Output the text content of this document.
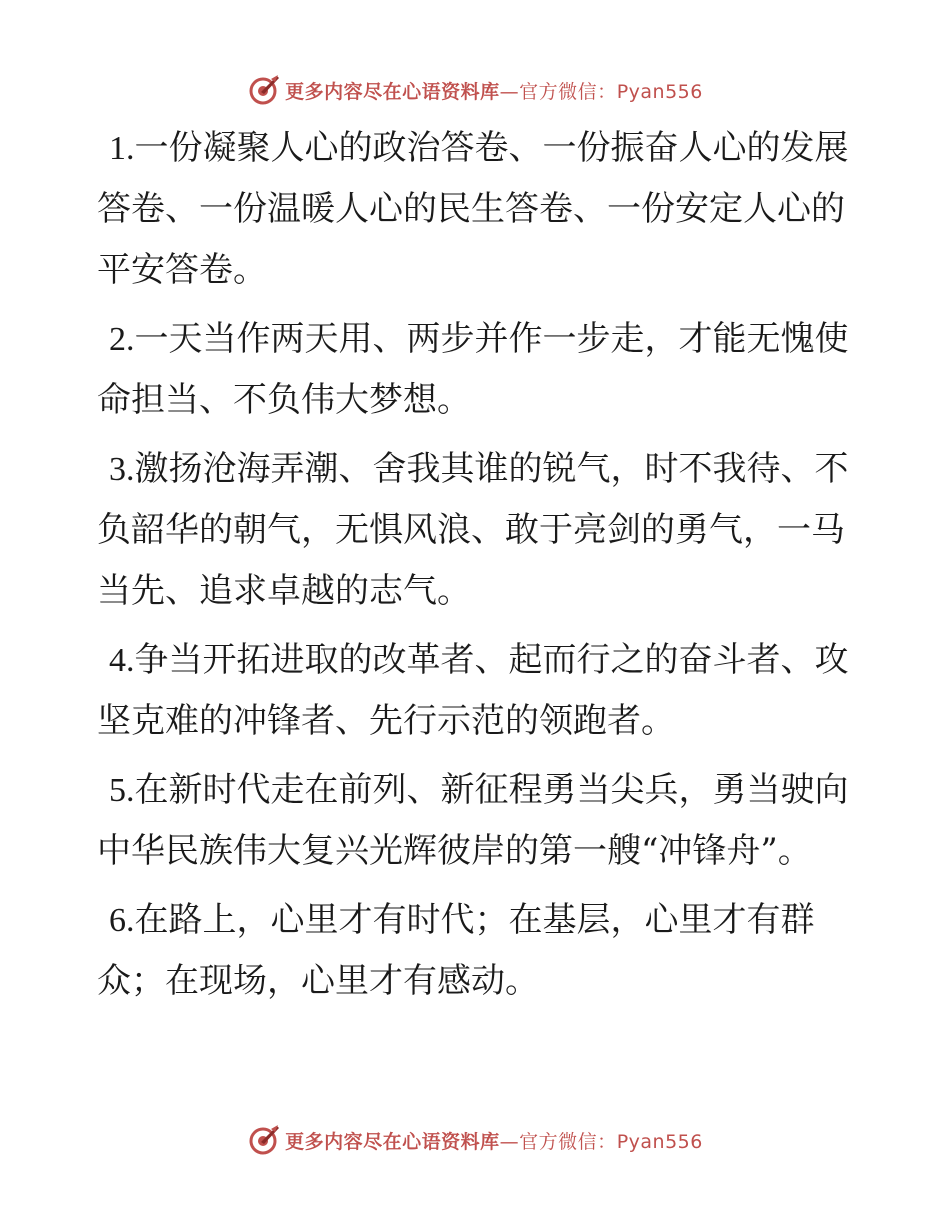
更多内容尽在心语资料库—官方微信：Pyan556

1.一份凝聚人心的政治答卷、一份振奋人心的发展答卷、一份温暖人心的民生答卷、一份安定人心的平安答卷。

2.一天当作两天用、两步并作一步走，才能无愧使命担当、不负伟大梦想。

3.激扬沧海弄潮、舍我其谁的锐气，时不我待、不负韶华的朝气，无惧风浪、敢于亮剑的勇气，一马当先、追求卓越的志气。

4.争当开拓进取的改革者、起而行之的奋斗者、攻坚克难的冲锋者、先行示范的领跑者。

5.在新时代走在前列、新征程勇当尖兵，勇当驶向中华民族伟大复兴光辉彼岸的第一艘“冲锋舟”。

6.在路上，心里才有时代；在基层，心里才有群众；在现场，心里才有感动。

更多内容尽在心语资料库—官方微信：Pyan556
